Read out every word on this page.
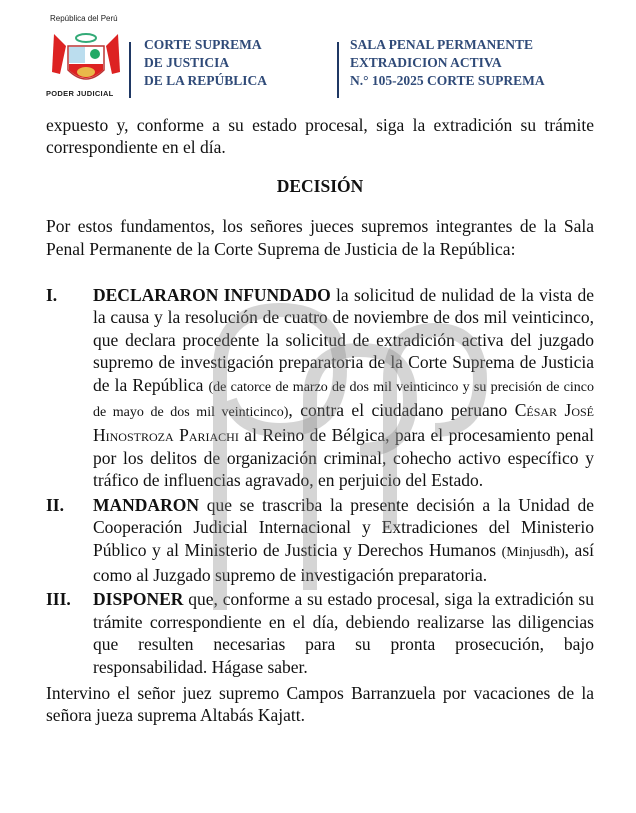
República del Perú
PODER JUDICIAL
CORTE SUPREMA
DE JUSTICIA
DE LA REPÚBLICA
SALA PENAL PERMANENTE
EXTRADICION ACTIVA
N.° 105-2025 CORTE SUPREMA

expuesto y, conforme a su estado procesal, siga la extradición su trámite correspondiente en el día.

DECISIÓN

Por estos fundamentos, los señores jueces supremos integrantes de la Sala Penal Permanente de la Corte Suprema de Justicia de la República:

I.	DECLARARON INFUNDADO la solicitud de nulidad de la vista de la causa y la resolución de cuatro de noviembre de dos mil veinticinco, que declara procedente la solicitud de extradición activa del juzgado supremo de investigación preparatoria de la Corte Suprema de Justicia de la República (de catorce de marzo de dos mil veinticinco y su precisión de cinco de mayo de dos mil veinticinco), contra el ciudadano peruano César José Hinostroza Pariachi al Reino de Bélgica, para el procesamiento penal por los delitos de organización criminal, cohecho activo específico y tráfico de influencias agravado, en perjuicio del Estado.
II.	MANDARON que se trascriba la presente decisión a la Unidad de Cooperación Judicial Internacional y Extradiciones del Ministerio Público y al Ministerio de Justicia y Derechos Humanos (Minjusdh), así como al Juzgado supremo de investigación preparatoria.
III.	DISPONER que, conforme a su estado procesal, siga la extradición su trámite correspondiente en el día, debiendo realizarse las diligencias que resulten necesarias para su pronta prosecución, bajo responsabilidad. Hágase saber.

Intervino el señor juez supremo Campos Barranzuela por vacaciones de la señora jueza suprema Altabás Kajatt.
